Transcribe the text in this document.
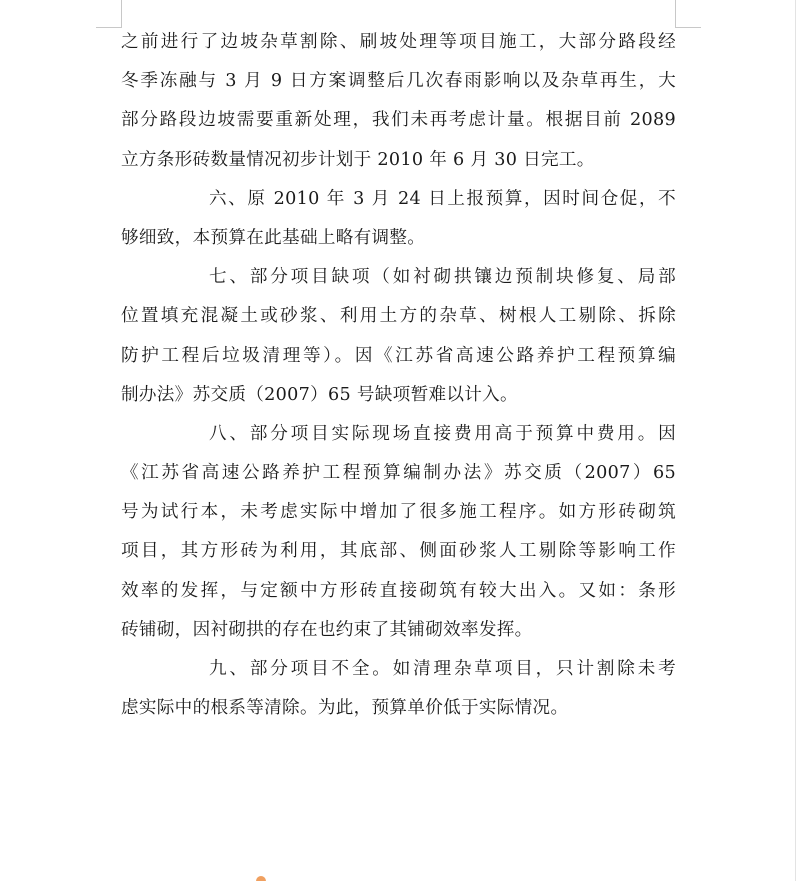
之前进行了边坡杂草割除、刷坡处理等项目施工，大部分路段经
冬季冻融与 3 月 9 日方案调整后几次春雨影响以及杂草再生，大
部分路段边坡需要重新处理，我们未再考虑计量。根据目前 2089
立方条形砖数量情况初步计划于 2010 年 6 月 30 日完工。
六、原 2010 年 3 月 24 日上报预算，因时间仓促，不
够细致，本预算在此基础上略有调整。
七、部分项目缺项（如衬砌拱镶边预制块修复、局部
位置填充混凝土或砂浆、利用土方的杂草、树根人工剔除、拆除
防护工程后垃圾清理等）。因《江苏省高速公路养护工程预算编
制办法》苏交质（2007）65 号缺项暂难以计入。
八、部分项目实际现场直接费用高于预算中费用。因
《江苏省高速公路养护工程预算编制办法》苏交质（2007）65
号为试行本，未考虑实际中增加了很多施工程序。如方形砖砌筑
项目，其方形砖为利用，其底部、侧面砂浆人工剔除等影响工作
效率的发挥，与定额中方形砖直接砌筑有较大出入。又如：条形
砖铺砌，因衬砌拱的存在也约束了其铺砌效率发挥。
九、部分项目不全。如清理杂草项目，只计割除未考
虑实际中的根系等清除。为此，预算单价低于实际情况。
